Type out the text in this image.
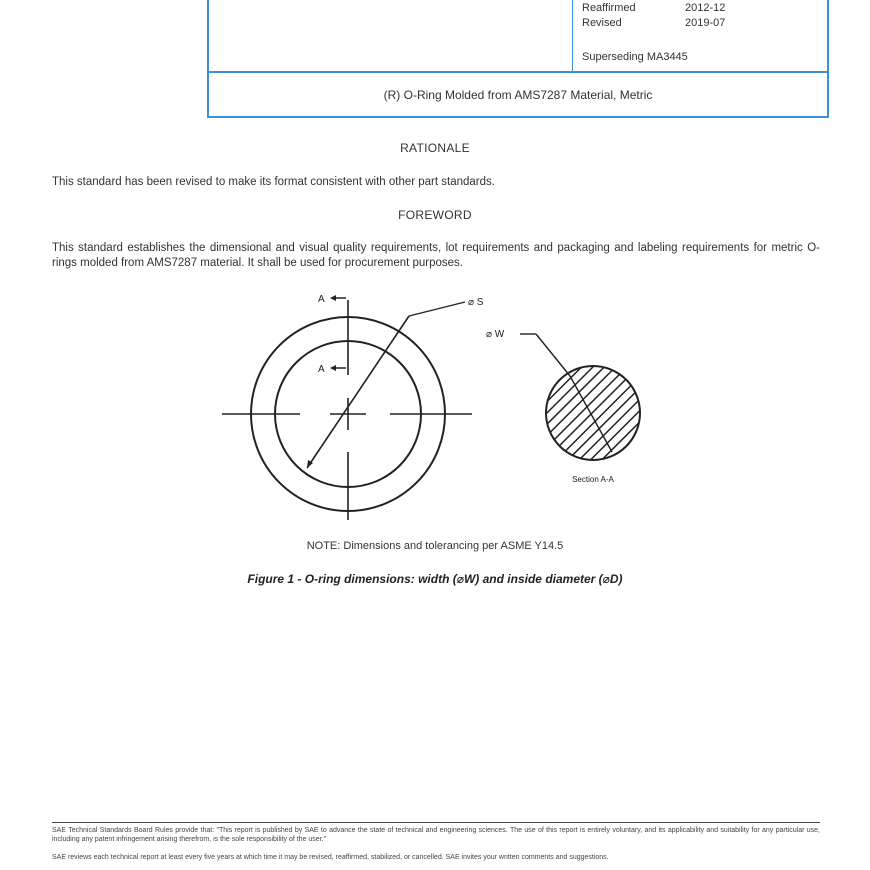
Reaffirmed	2012-12
Revised	2019-07
Superseding MA3445
(R) O-Ring Molded from AMS7287 Material, Metric
RATIONALE
This standard has been revised to make its format consistent with other part standards.
FOREWORD
This standard establishes the dimensional and visual quality requirements, lot requirements and packaging and labeling requirements for metric O-rings molded from AMS7287 material. It shall be used for procurement purposes.
A
A
⌀ S
⌀ W
Section A-A
NOTE: Dimensions and tolerancing per ASME Y14.5
Figure 1 - O-ring dimensions: width (⌀W) and inside diameter (⌀D)
SAE Technical Standards Board Rules provide that: "This report is published by SAE to advance the state of technical and engineering sciences. The use of this report is entirely voluntary, and its applicability and suitability for any particular use, including any patent infringement arising therefrom, is the sole responsibility of the user."
SAE reviews each technical report at least every five years at which time it may be revised, reaffirmed, stabilized, or cancelled. SAE invites your written comments and suggestions.
